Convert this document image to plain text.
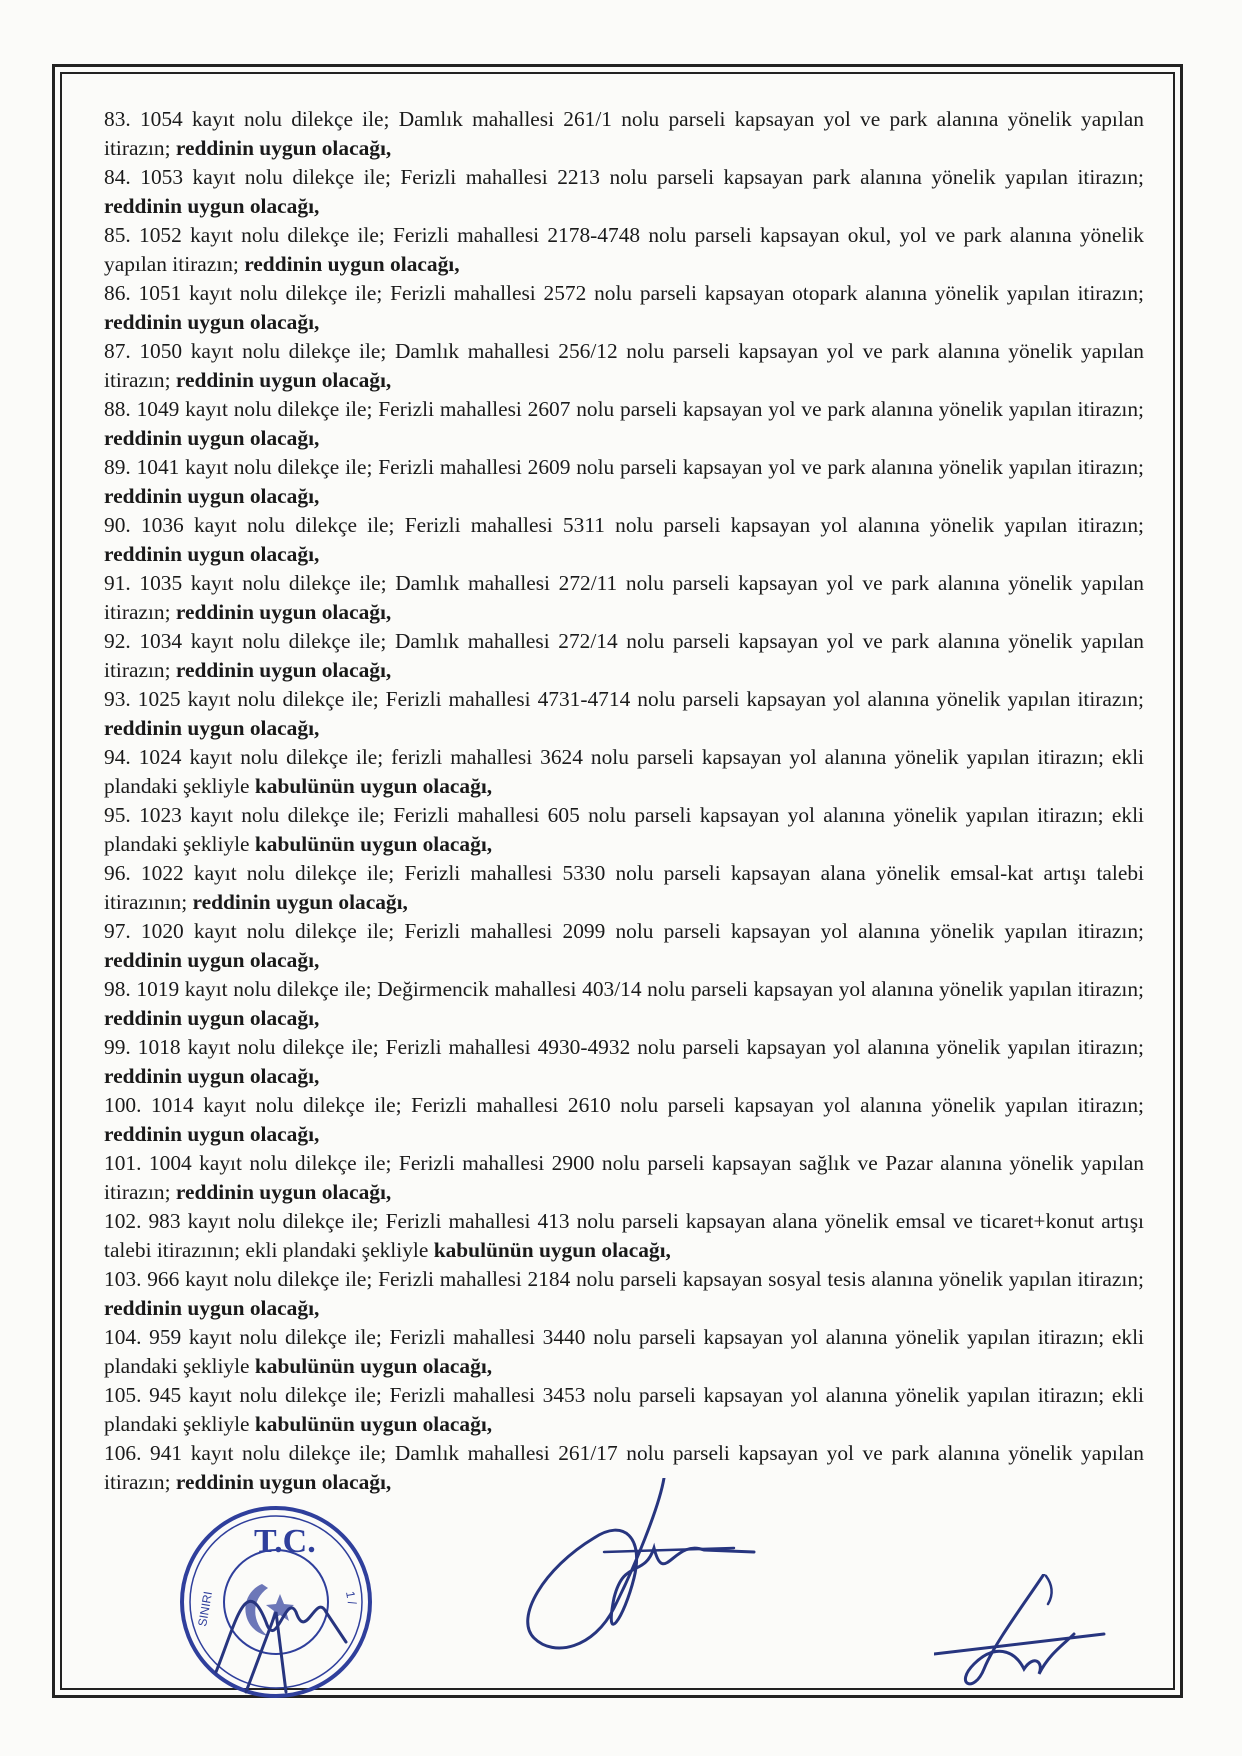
83. 1054 kayıt nolu dilekçe ile; Damlık mahallesi 261/1 nolu parseli kapsayan yol ve park alanına yönelik yapılan itirazın; reddinin uygun olacağı,

84. 1053 kayıt nolu dilekçe ile; Ferizli mahallesi 2213 nolu parseli kapsayan park alanına yönelik yapılan itirazın; reddinin uygun olacağı,

85. 1052 kayıt nolu dilekçe ile; Ferizli mahallesi 2178-4748 nolu parseli kapsayan okul, yol ve park alanına yönelik yapılan itirazın; reddinin uygun olacağı,

86. 1051 kayıt nolu dilekçe ile; Ferizli mahallesi 2572 nolu parseli kapsayan otopark alanına yönelik yapılan itirazın; reddinin uygun olacağı,

87. 1050 kayıt nolu dilekçe ile; Damlık mahallesi 256/12 nolu parseli kapsayan yol ve park alanına yönelik yapılan itirazın; reddinin uygun olacağı,

88. 1049 kayıt nolu dilekçe ile; Ferizli mahallesi 2607 nolu parseli kapsayan yol ve park alanına yönelik yapılan itirazın; reddinin uygun olacağı,

89. 1041 kayıt nolu dilekçe ile; Ferizli mahallesi 2609 nolu parseli kapsayan yol ve park alanına yönelik yapılan itirazın; reddinin uygun olacağı,

90. 1036 kayıt nolu dilekçe ile; Ferizli mahallesi 5311 nolu parseli kapsayan yol alanına yönelik yapılan itirazın; reddinin uygun olacağı,

91. 1035 kayıt nolu dilekçe ile; Damlık mahallesi 272/11 nolu parseli kapsayan yol ve park alanına yönelik yapılan itirazın; reddinin uygun olacağı,

92. 1034 kayıt nolu dilekçe ile; Damlık mahallesi 272/14 nolu parseli kapsayan yol ve park alanına yönelik yapılan itirazın; reddinin uygun olacağı,

93. 1025 kayıt nolu dilekçe ile; Ferizli mahallesi 4731-4714 nolu parseli kapsayan yol alanına yönelik yapılan itirazın; reddinin uygun olacağı,

94. 1024 kayıt nolu dilekçe ile; ferizli mahallesi 3624 nolu parseli kapsayan yol alanına yönelik yapılan itirazın; ekli plandaki şekliyle kabulünün uygun olacağı,

95. 1023 kayıt nolu dilekçe ile; Ferizli mahallesi 605 nolu parseli kapsayan yol alanına yönelik yapılan itirazın; ekli plandaki şekliyle kabulünün uygun olacağı,

96. 1022 kayıt nolu dilekçe ile; Ferizli mahallesi 5330 nolu parseli kapsayan alana yönelik emsal-kat artışı talebi itirazının; reddinin uygun olacağı,

97. 1020 kayıt nolu dilekçe ile; Ferizli mahallesi 2099 nolu parseli kapsayan yol alanına yönelik yapılan itirazın; reddinin uygun olacağı,

98. 1019 kayıt nolu dilekçe ile; Değirmencik mahallesi 403/14 nolu parseli kapsayan yol alanına yönelik yapılan itirazın; reddinin uygun olacağı,

99. 1018 kayıt nolu dilekçe ile; Ferizli mahallesi 4930-4932 nolu parseli kapsayan yol alanına yönelik yapılan itirazın; reddinin uygun olacağı,

100. 1014 kayıt nolu dilekçe ile; Ferizli mahallesi 2610 nolu parseli kapsayan yol alanına yönelik yapılan itirazın; reddinin uygun olacağı,

101. 1004 kayıt nolu dilekçe ile; Ferizli mahallesi 2900 nolu parseli kapsayan sağlık ve Pazar alanına yönelik yapılan itirazın; reddinin uygun olacağı,

102. 983 kayıt nolu dilekçe ile; Ferizli mahallesi 413 nolu parseli kapsayan alana yönelik emsal ve ticaret+konut artışı talebi itirazının; ekli plandaki şekliyle kabulünün uygun olacağı,

103. 966 kayıt nolu dilekçe ile; Ferizli mahallesi 2184 nolu parseli kapsayan sosyal tesis alanına yönelik yapılan itirazın; reddinin uygun olacağı,

104. 959 kayıt nolu dilekçe ile; Ferizli mahallesi 3440 nolu parseli kapsayan yol alanına yönelik yapılan itirazın; ekli plandaki şekliyle kabulünün uygun olacağı,

105. 945 kayıt nolu dilekçe ile; Ferizli mahallesi 3453 nolu parseli kapsayan yol alanına yönelik yapılan itirazın; ekli plandaki şekliyle kabulünün uygun olacağı,

106. 941 kayıt nolu dilekçe ile; Damlık mahallesi 261/17 nolu parseli kapsayan yol ve park alanına yönelik yapılan itirazın; reddinin uygun olacağı,

T.C.
SINIRI	1 /
